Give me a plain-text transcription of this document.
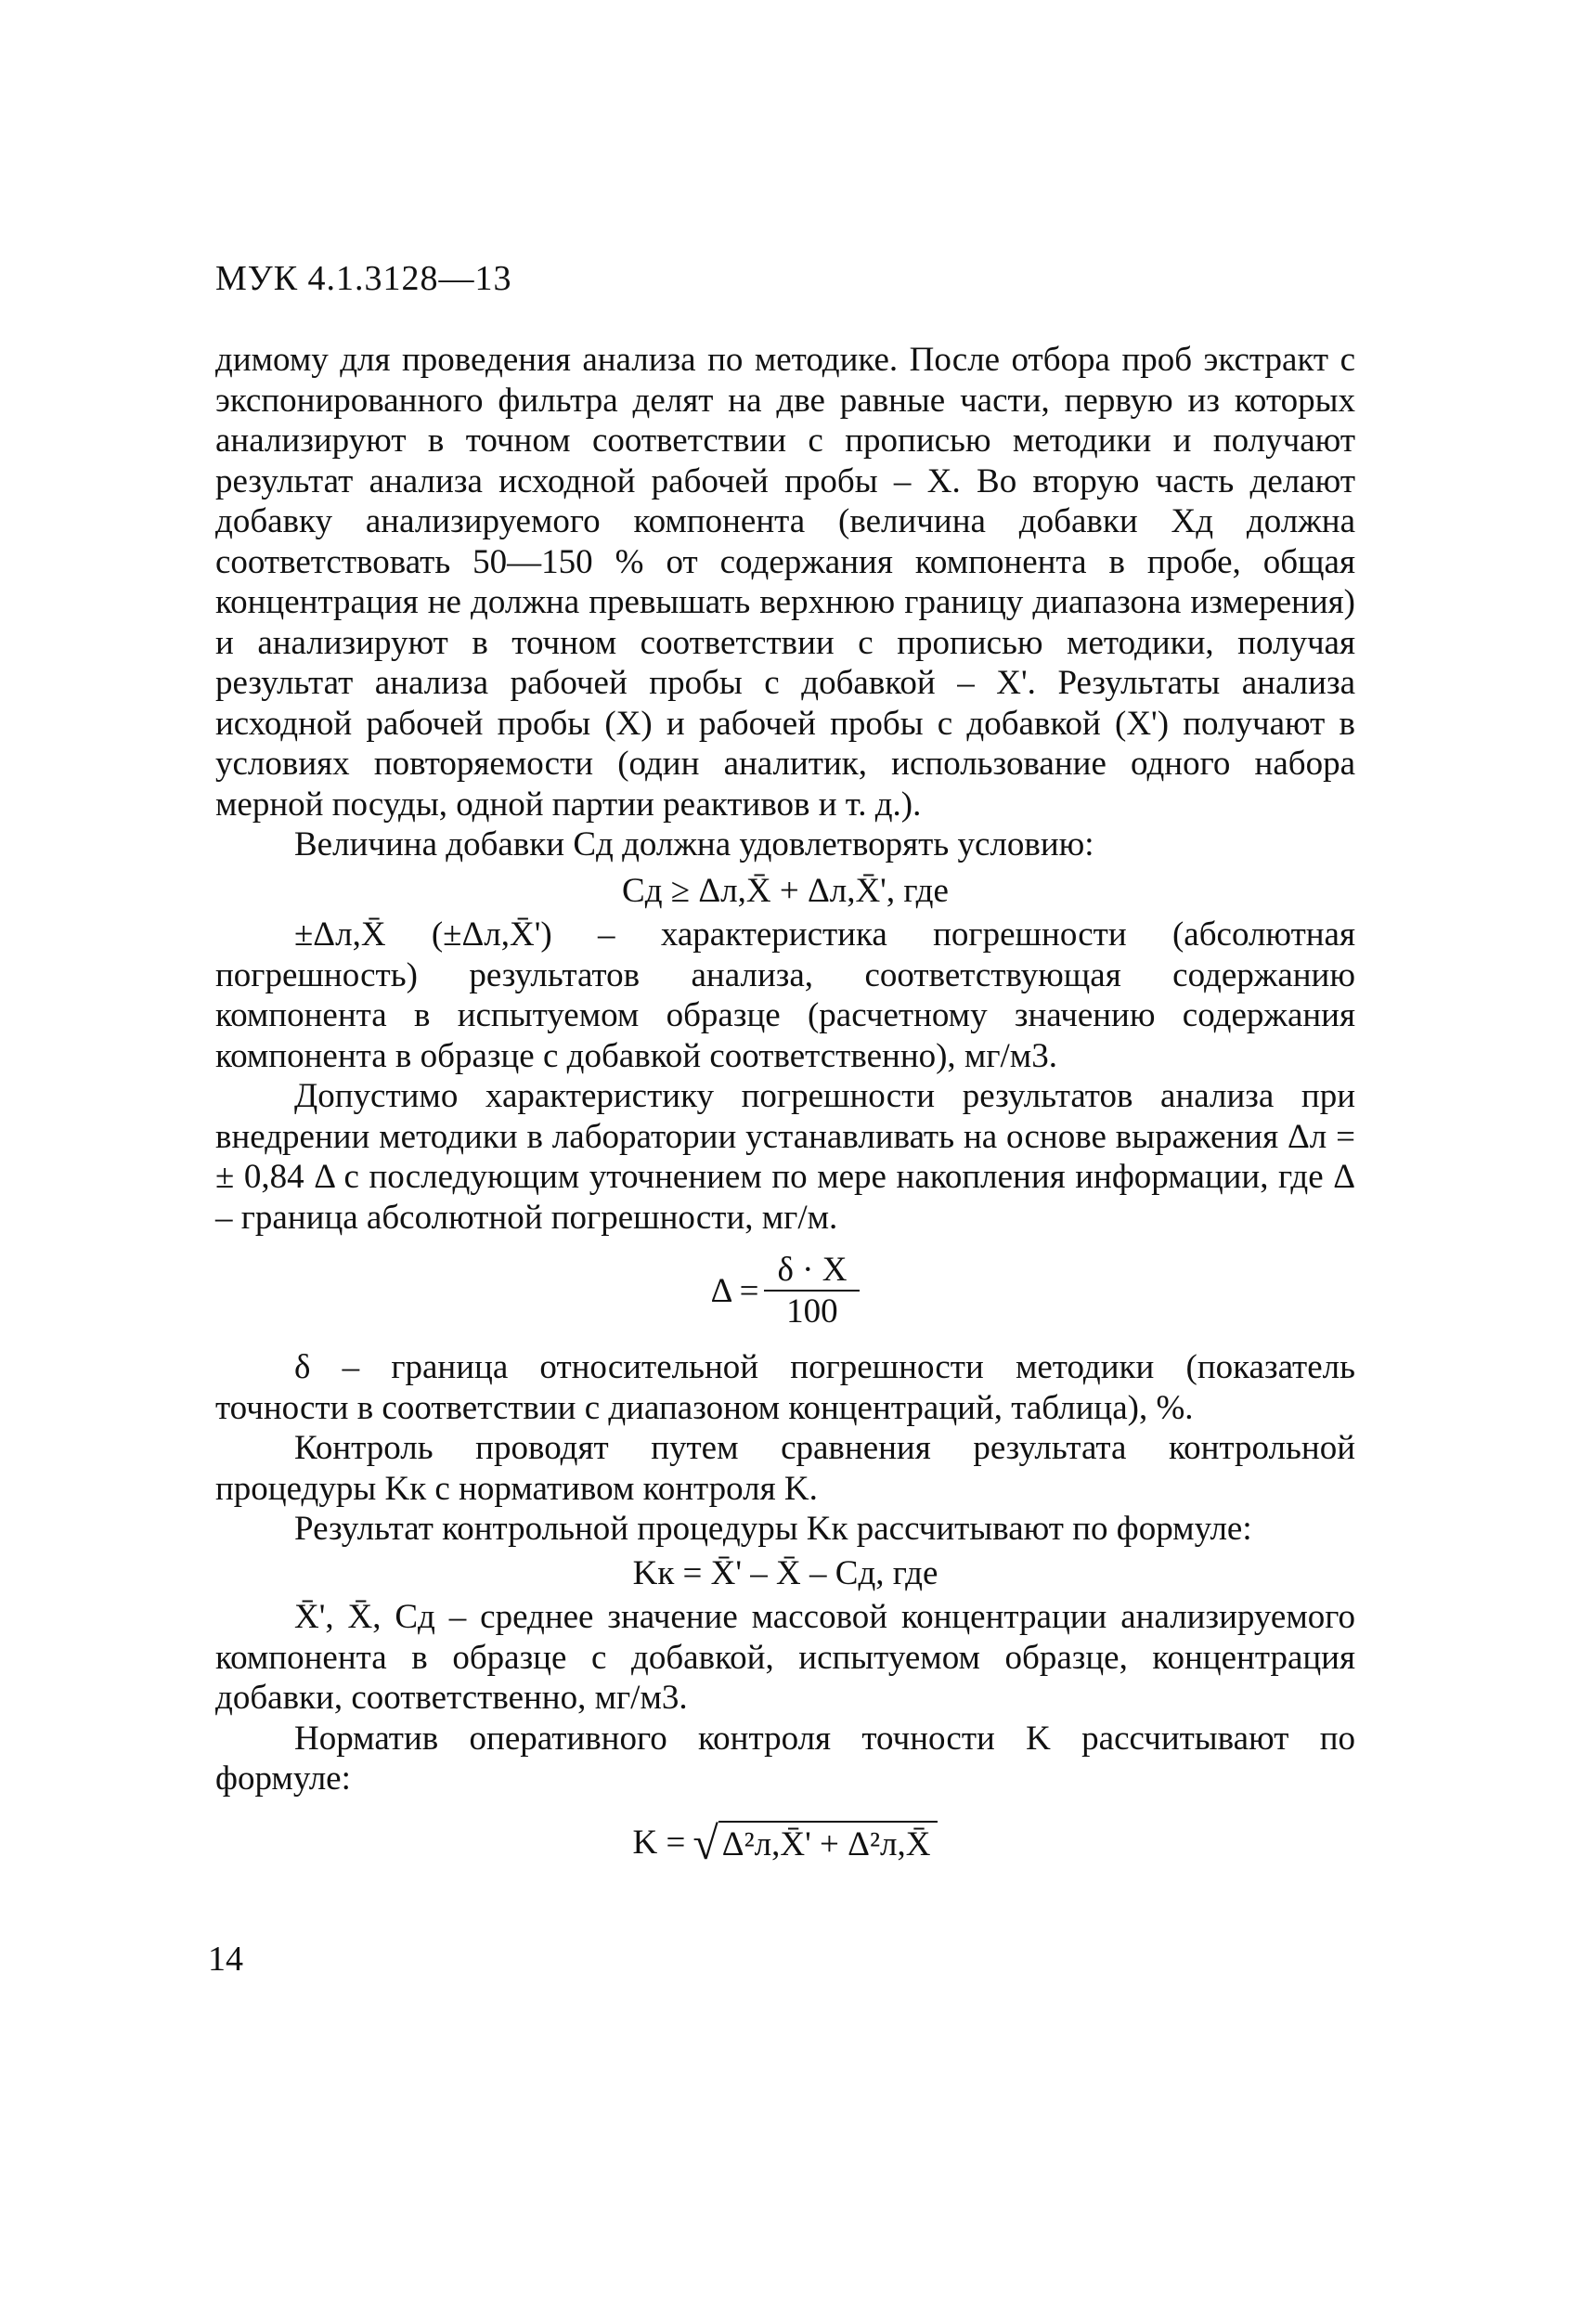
МУК 4.1.3128—13

димому для проведения анализа по методике. После отбора проб экстракт с экспонированного фильтра делят на две равные части, первую из которых анализируют в точном соответствии с прописью методики и получают результат анализа исходной рабочей пробы – X. Во вторую часть делают добавку анализируемого компонента (величина добавки Xд должна соответствовать 50—150 % от содержания компонента в пробе, общая концентрация не должна превышать верхнюю границу диапазона измерения) и анализируют в точном соответствии с прописью методики, получая результат анализа рабочей пробы с добавкой – X'. Результаты анализа исходной рабочей пробы (X) и рабочей пробы с добавкой (X') получают в условиях повторяемости (один аналитик, использование одного набора мерной посуды, одной партии реактивов и т. д.).

Величина добавки Cд должна удовлетворять условию:

Cд ≥ Δл,X̄ + Δл,X̄', где

±Δл,X̄ (±Δл,X̄') – характеристика погрешности (абсолютная погрешность) результатов анализа, соответствующая содержанию компонента в испытуемом образце (расчетному значению содержания компонента в образце с добавкой соответственно), мг/м3.

Допустимо характеристику погрешности результатов анализа при внедрении методики в лаборатории устанавливать на основе выражения Δл = ± 0,84 Δ с последующим уточнением по мере накопления информации, где Δ – граница абсолютной погрешности, мг/м.

$\Delta = \frac{\delta \cdot X}{100}$

δ – граница относительной погрешности методики (показатель точности в соответствии с диапазоном концентраций, таблица), %.

Контроль проводят путем сравнения результата контрольной процедуры Kк с нормативом контроля K.

Результат контрольной процедуры Kк рассчитывают по формуле:

Kк = X̄' – X̄ – Cд, где

X̄', X̄, Cд – среднее значение массовой концентрации анализируемого компонента в образце с добавкой, испытуемом образце, концентрация добавки, соответственно, мг/м3.

Норматив оперативного контроля точности K рассчитывают по формуле:

K = √ Δ²л,X̄' + Δ²л,X̄
14
